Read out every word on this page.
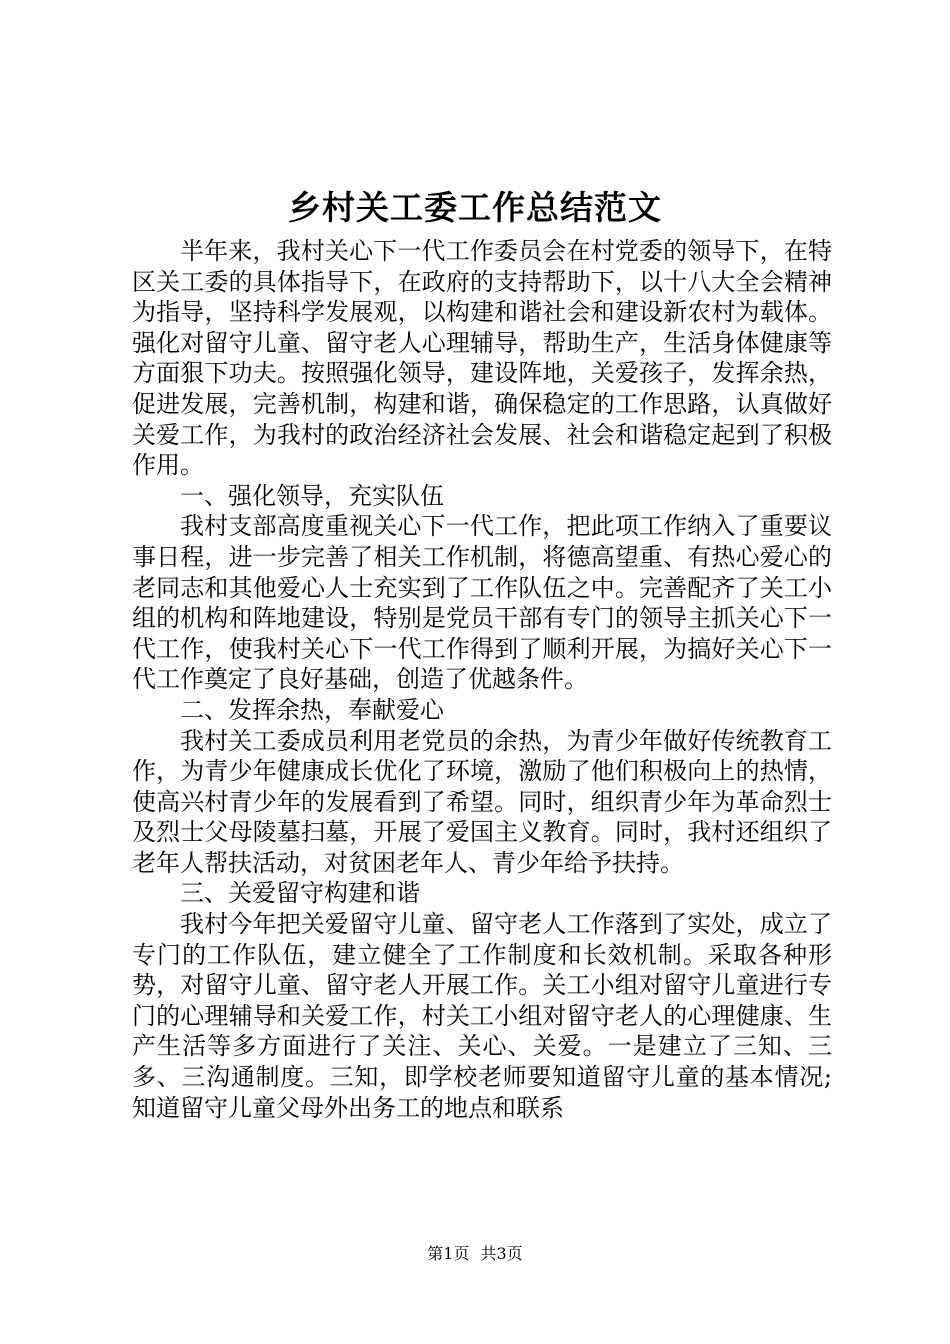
乡村关工委工作总结范文

半年来，我村关心下一代工作委员会在村党委的领导下，在特区关工委的具体指导下，在政府的支持帮助下，以十八大全会精神为指导，坚持科学发展观，以构建和谐社会和建设新农村为载体。强化对留守儿童、留守老人心理辅导，帮助生产，生活身体健康等方面狠下功夫。按照强化领导，建设阵地，关爱孩子，发挥余热，促进发展，完善机制，构建和谐，确保稳定的工作思路，认真做好关爱工作，为我村的政治经济社会发展、社会和谐稳定起到了积极作用。

一、强化领导，充实队伍

我村支部高度重视关心下一代工作，把此项工作纳入了重要议事日程，进一步完善了相关工作机制，将德高望重、有热心爱心的老同志和其他爱心人士充实到了工作队伍之中。完善配齐了关工小组的机构和阵地建设，特别是党员干部有专门的领导主抓关心下一代工作，使我村关心下一代工作得到了顺利开展，为搞好关心下一代工作奠定了良好基础，创造了优越条件。

二、发挥余热，奉献爱心

我村关工委成员利用老党员的余热，为青少年做好传统教育工作，为青少年健康成长优化了环境，激励了他们积极向上的热情，使高兴村青少年的发展看到了希望。同时，组织青少年为革命烈士及烈士父母陵墓扫墓，开展了爱国主义教育。同时，我村还组织了老年人帮扶活动，对贫困老年人、青少年给予扶持。

三、关爱留守构建和谐

我村今年把关爱留守儿童、留守老人工作落到了实处，成立了专门的工作队伍，建立健全了工作制度和长效机制。采取各种形势，对留守儿童、留守老人开展工作。关工小组对留守儿童进行专门的心理辅导和关爱工作，村关工小组对留守老人的心理健康、生产生活等多方面进行了关注、关心、关爱。一是建立了三知、三多、三沟通制度。三知，即学校老师要知道留守儿童的基本情况;知道留守儿童父母外出务工的地点和联系

第1页 共3页
